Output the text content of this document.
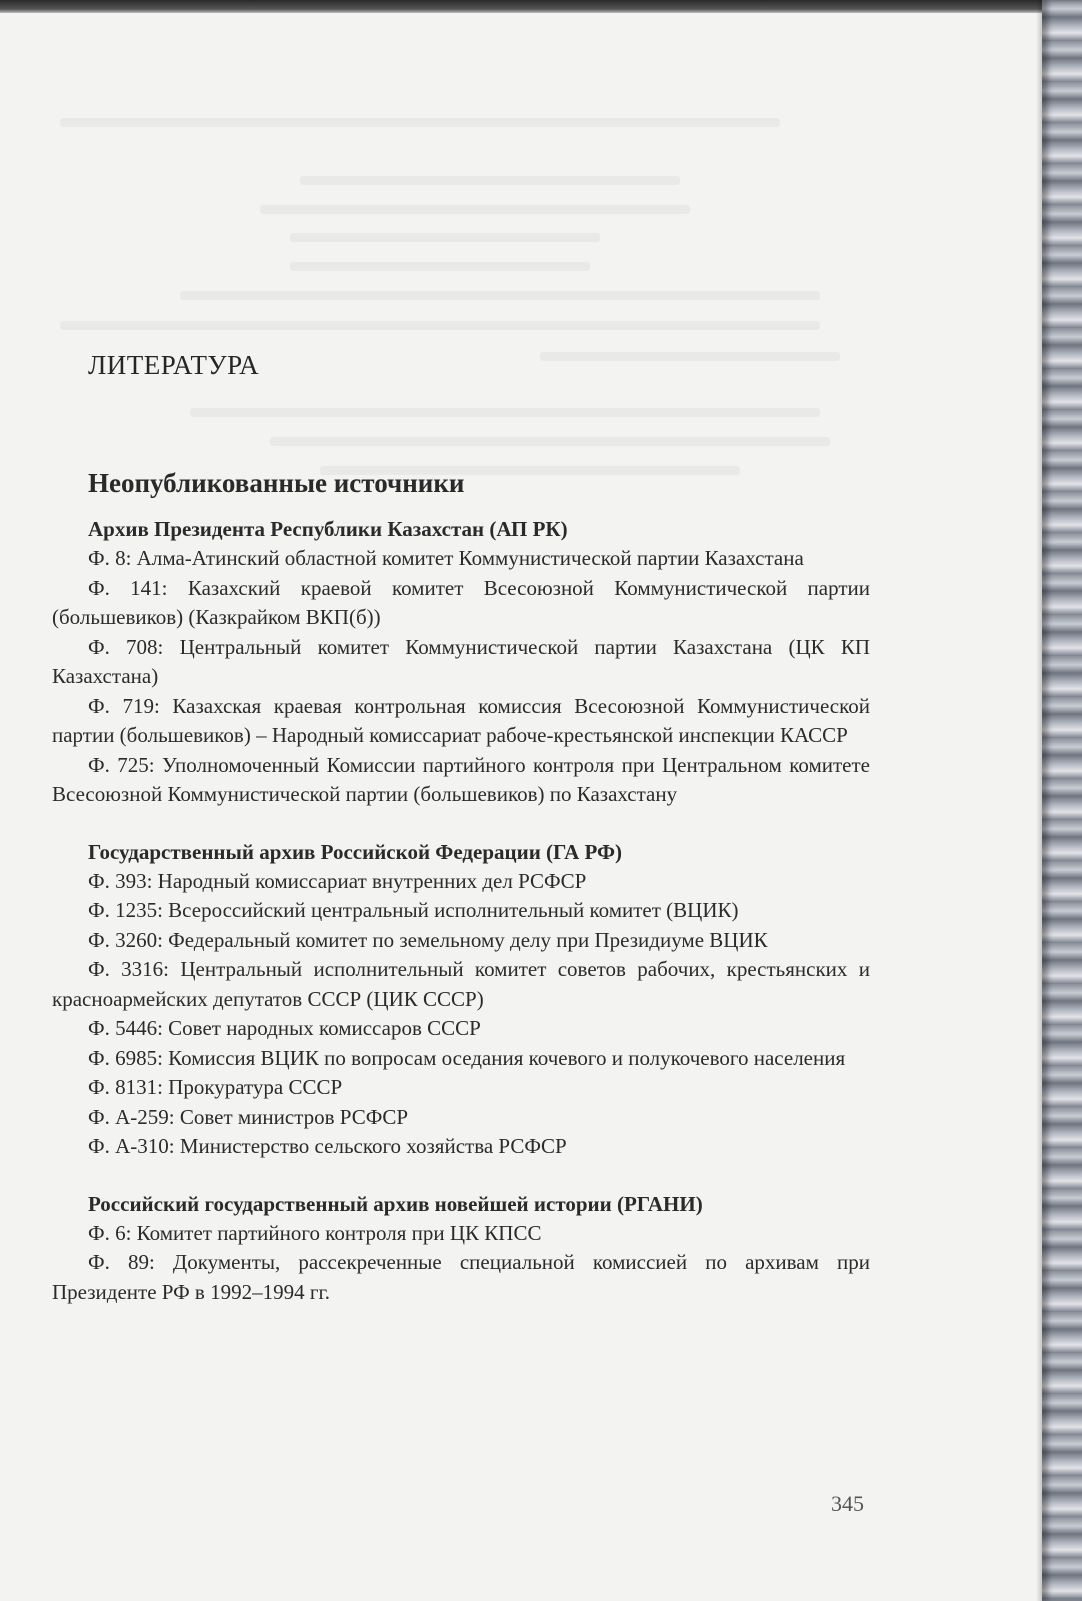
ЛИТЕРАТУРА
Неопубликованные источники
Архив Президента Республики Казахстан (АП РК)

Ф. 8: Алма-Атинский областной комитет Коммунистической партии Казахстана

Ф. 141: Казахский краевой комитет Всесоюзной Коммунистической партии (большевиков) (Казкрайком ВКП(б))

Ф. 708: Центральный комитет Коммунистической партии Казахстана (ЦК КП Казахстана)

Ф. 719: Казахская краевая контрольная комиссия Всесоюзной Коммунистической партии (большевиков) – Народный комиссариат рабоче-крестьянской инспекции КАССР

Ф. 725: Уполномоченный Комиссии партийного контроля при Центральном комитете Всесоюзной Коммунистической партии (большевиков) по Казахстану

Государственный архив Российской Федерации (ГА РФ)

Ф. 393: Народный комиссариат внутренних дел РСФСР

Ф. 1235: Всероссийский центральный исполнительный комитет (ВЦИК)

Ф. 3260: Федеральный комитет по земельному делу при Президиуме ВЦИК

Ф. 3316: Центральный исполнительный комитет советов рабочих, крестьянских и красноармейских депутатов СССР (ЦИК СССР)

Ф. 5446: Совет народных комиссаров СССР

Ф. 6985: Комиссия ВЦИК по вопросам оседания кочевого и полукочевого населения

Ф. 8131: Прокуратура СССР

Ф. А-259: Совет министров РСФСР

Ф. А-310: Министерство сельского хозяйства РСФСР

Российский государственный архив новейшей истории (РГАНИ)

Ф. 6: Комитет партийного контроля при ЦК КПСС

Ф. 89: Документы, рассекреченные специальной комиссией по архивам при Президенте РФ в 1992–1994 гг.

345
